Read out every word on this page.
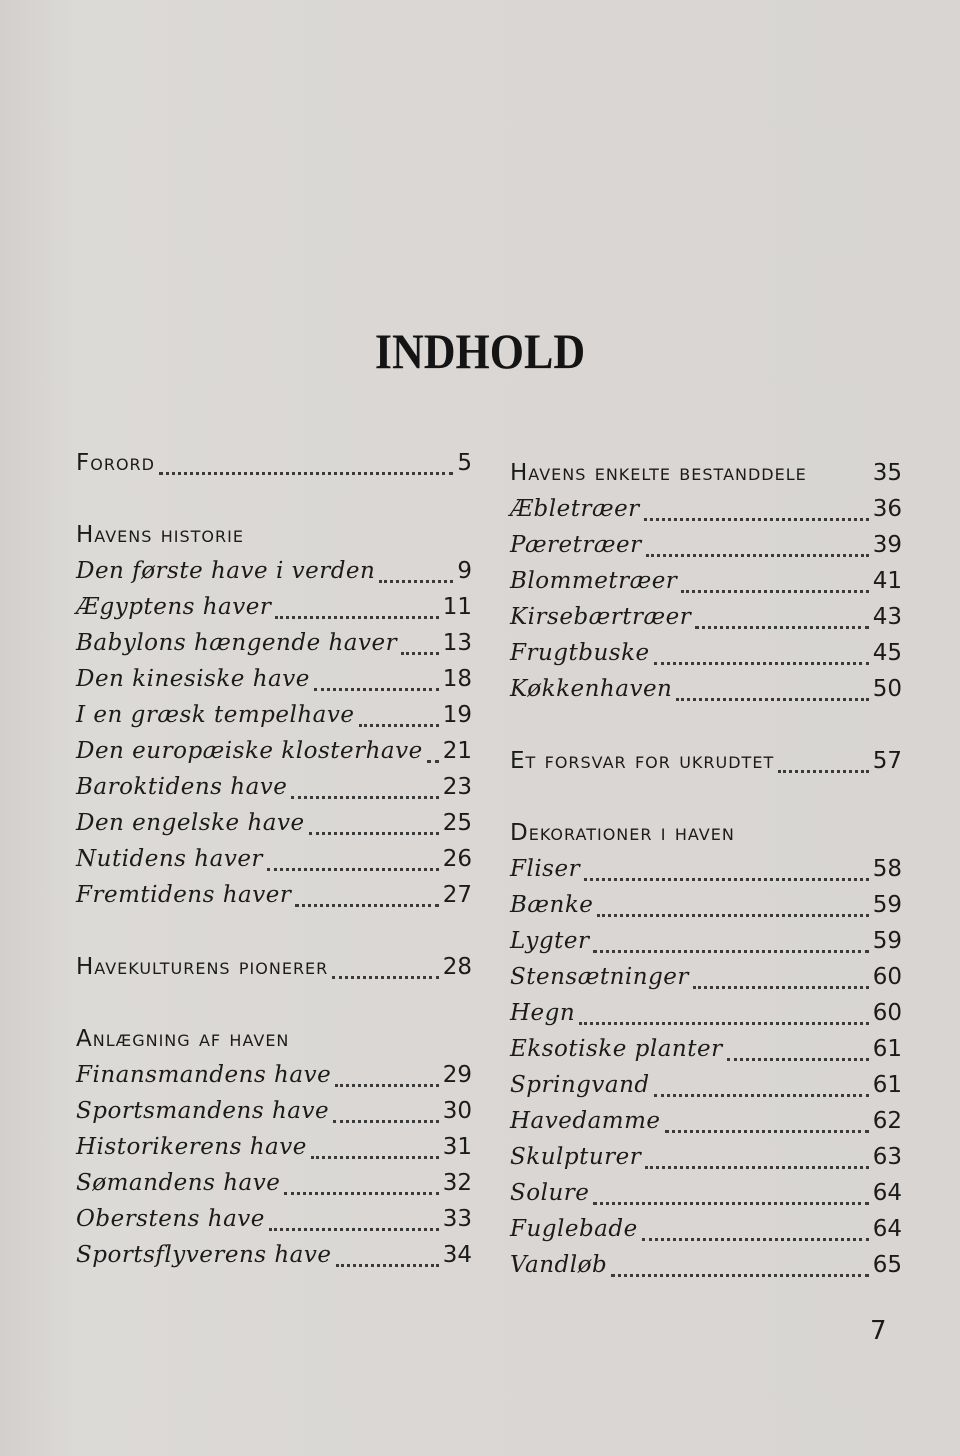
INDHOLD
Forord	5
Havens historie
Den første have i verden	9
Ægyptens haver	11
Babylons hængende haver 13
Den kinesiske have	18
I en græsk tempelhave	19
Den europæiske klosterhave 21
Baroktidens have	23
Den engelske have	25
Nutidens haver	26
Fremtidens haver	27
Havekulturens pionerer	28
Anlægning af haven
Finansmandens have	29
Sportsmandens have	30
Historikerens have	31
Sømandens have	32
Oberstens have	33
Sportsflyverens have	34
Havens enkelte bestanddele	35
Æbletræer	36
Pæretræer	39
Blommetræer	41
Kirsebærtræer	43
Frugtbuske	45
Køkkenhaven	50
Et forsvar for ukrudtet	57
Dekorationer i haven
Fliser	58
Bænke	59
Lygter	59
Stensætninger	60
Hegn	60
Eksotiske planter	61
Springvand	61
Havedamme	62
Skulpturer	63
Solure	64
Fuglebade	64
Vandløb	65
7
